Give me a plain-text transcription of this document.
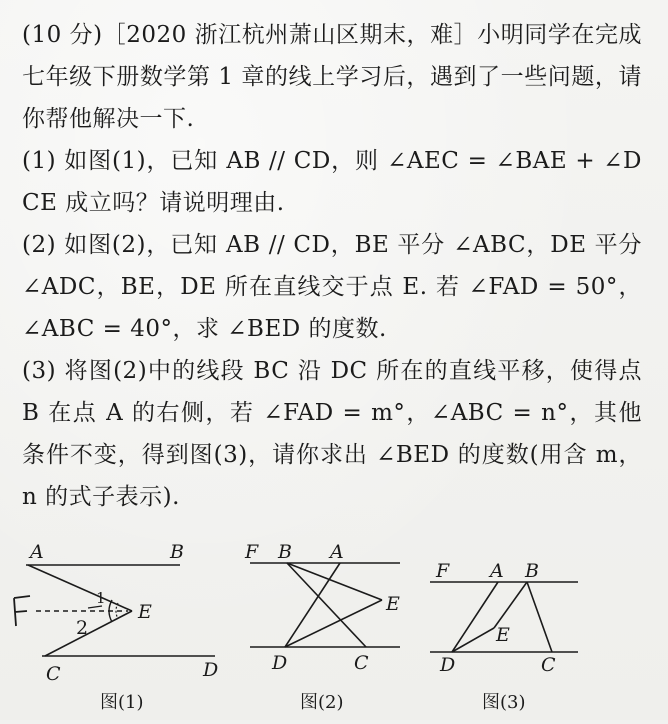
(10 分)［2020 浙江杭州萧山区期末，难］小明同学在完成七年级下册数学第 1 章的线上学习后，遇到了一些问题，请你帮他解决一下.

(1) 如图(1)，已知 AB // CD，则 ∠AEC = ∠BAE + ∠DCE 成立吗？请说明理由.

(2) 如图(2)，已知 AB // CD，BE 平分 ∠ABC，DE 平分 ∠ADC，BE，DE 所在直线交于点 E. 若 ∠FAD = 50°，∠ABC = 40°，求 ∠BED 的度数.

(3) 将图(2)中的线段 BC 沿 DC 所在的直线平移，使得点 B 在点 A 的右侧，若 ∠FAD = m°，∠ABC = n°，其他条件不变，得到图(3)，请你求出 ∠BED 的度数(用含 m，n 的式子表示).

A	B
E
C	D
1
2
图(1)
F B A
E
D	C
图(2)
F A B
E
D	C
图(3)
